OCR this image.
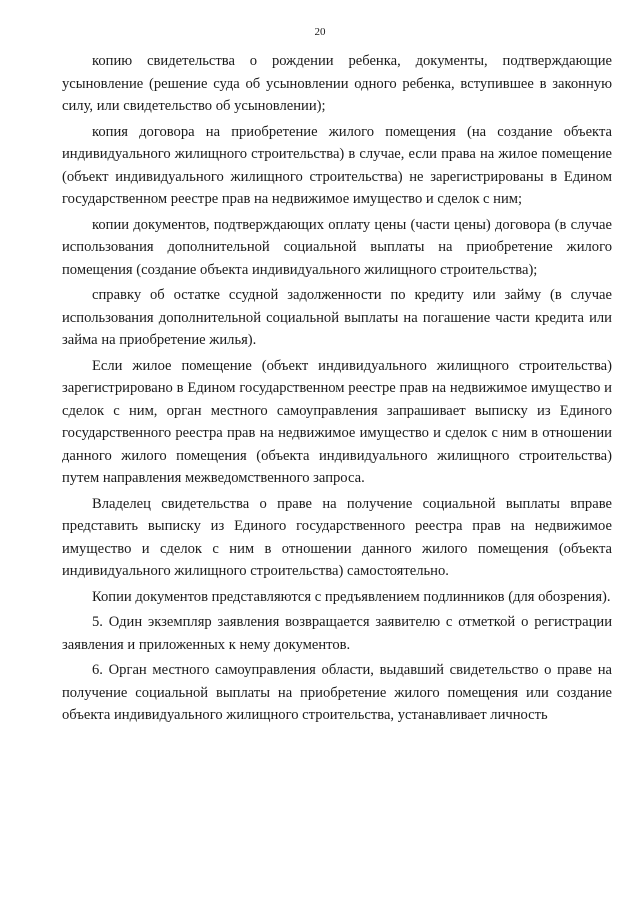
20

копию свидетельства о рождении ребенка, документы, подтверждающие усыновление (решение суда об усыновлении одного ребенка, вступившее в законную силу, или свидетельство об усыновлении);

копия договора на приобретение жилого помещения (на создание объекта индивидуального жилищного строительства) в случае, если права на жилое помещение (объект индивидуального жилищного строительства) не зарегистрированы в Едином государственном реестре прав на недвижимое имущество и сделок с ним;

копии документов, подтверждающих оплату цены (части цены) договора (в случае использования дополнительной социальной выплаты на приобретение жилого помещения (создание объекта индивидуального жилищного строительства);

справку об остатке ссудной задолженности по кредиту или займу (в случае использования дополнительной социальной выплаты на погашение части кредита или займа на приобретение жилья).

Если жилое помещение (объект индивидуального жилищного строительства) зарегистрировано в Едином государственном реестре прав на недвижимое имущество и сделок с ним, орган местного самоуправления запрашивает выписку из Единого государственного реестра прав на недвижимое имущество и сделок с ним в отношении данного жилого помещения (объекта индивидуального жилищного строительства) путем направления межведомственного запроса.

Владелец свидетельства о праве на получение социальной выплаты вправе представить выписку из Единого государственного реестра прав на недвижимое имущество и сделок с ним в отношении данного жилого помещения (объекта индивидуального жилищного строительства) самостоятельно.

Копии документов представляются с предъявлением подлинников (для обозрения).

5. Один экземпляр заявления возвращается заявителю с отметкой о регистрации заявления и приложенных к нему документов.

6. Орган местного самоуправления области, выдавший свидетельство о праве на получение социальной выплаты на приобретение жилого помещения или создание объекта индивидуального жилищного строительства, устанавливает личность
